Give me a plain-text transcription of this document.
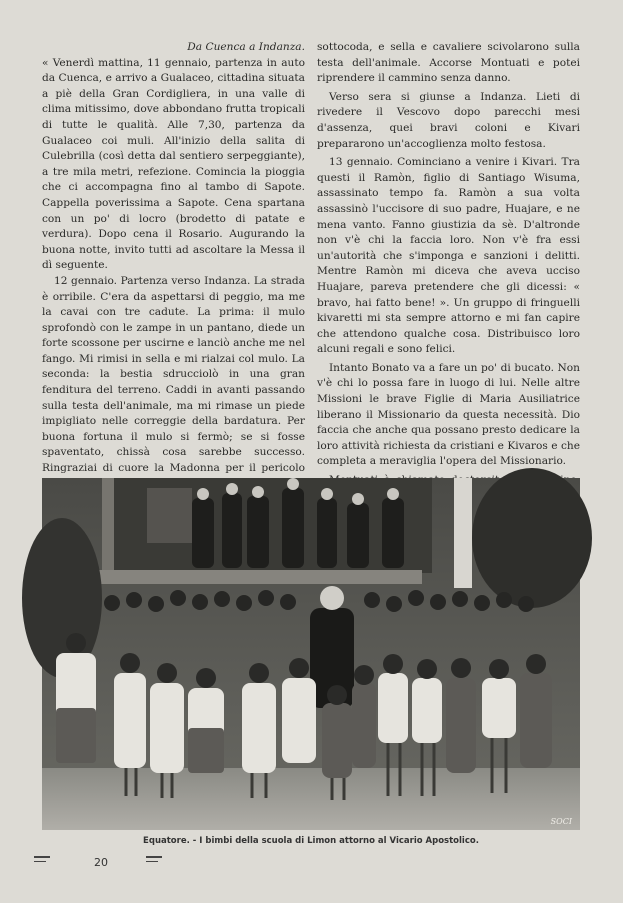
Da Cuenca a Indanza.

« Venerdì mattina, 11 gennaio, partenza in auto da Cuenca, e arrivo a Gualaceo, cittadina situata a piè della Gran Cordigliera, in una valle di clima mitissimo, dove abbondano frutta tropicali di tutte le qualità. Alle 7,30, partenza da Gualaceo coi muli. All'inizio della salita di Culebrilla (così detta dal sentiero serpeggiante), a tre mila metri, refezione. Comincia la pioggia che ci accompagna fino al tambo di Sapote. Cappella poverissima a Sapote. Cena spartana con un po' di locro (brodetto di patate e verdura). Dopo cena il Rosario. Augurando la buona notte, invito tutti ad ascoltare la Messa il dì seguente.

12 gennaio. Partenza verso Indanza. La strada è orribile. C'era da aspettarsi di peggio, ma me la cavai con tre cadute. La prima: il mulo sprofondò con le zampe in un pantano, diede un forte scossone per uscirne e lanciò anche me nel fango. Mi rimisi in sella e mi rialzai col mulo. La seconda: la bestia sdrucciolò in una gran fenditura del terreno. Caddi in avanti passando sulla testa dell'animale, ma mi rimase un piede impigliato nelle correggie della bardatura. Per buona fortuna il mulo si fermò; se si fosse spaventato, chissà cosa sarebbe successo. Ringraziai di cuore la Madonna per il pericolo

sottocoda, e sella e cavaliere scivolarono sulla testa dell'animale. Accorse Montuati e potei riprendere il cammino senza danno.

Verso sera si giunse a Indanza. Lieti di rivedere il Vescovo dopo parecchi mesi d'assenza, quei bravi coloni e Kivari prepararono un'accoglienza molto festosa.

13 gennaio. Cominciano a venire i Kivari. Tra questi il Ramòn, figlio di Santiago Wisuma, assassinato tempo fa. Ramòn a sua volta assassinò l'uccisore di suo padre, Huajare, e ne mena vanto. Fanno giustizia da sè. D'altronde non v'è chi la faccia loro. Non v'è fra essi un'autorità che s'imponga e sanzioni i delitti. Mentre Ramòn mi diceva che aveva ucciso Huajare, pareva pretendere che gli dicessi: « bravo, hai fatto bene! ». Un gruppo di fringuelli kivaretti mi sta sempre attorno e mi fan capire che attendono qualche cosa. Distribuisco loro alcuni regali e sono felici.

Intanto Bonato va a fare un po' di bucato. Non v'è chi lo possa fare in luogo di lui. Nelle altre Missioni le brave Figlie di Maria Ausiliatrice liberano il Missionario da questa necessità. Dio faccia che anche qua possano presto dedicare la loro attività richiesta da cristiani e Kivaros e che completa a meraviglia l'opera del Missionario.

SOCI
Equatore. - I bimbi della scuola di Limon attorno al Vicario Apostolico.
20
